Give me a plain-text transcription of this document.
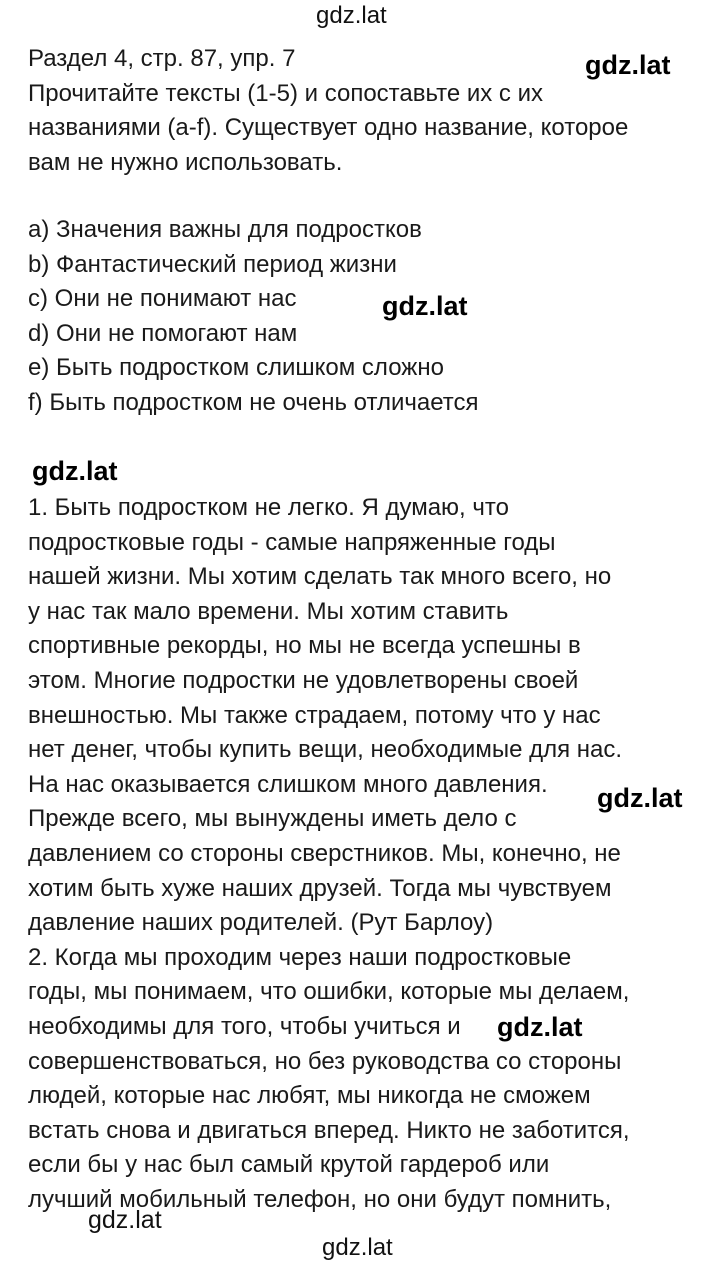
gdz.lat
gdz.lat
gdz.lat
gdz.lat
gdz.lat
gdz.lat
gdz.lat
gdz.lat
Раздел 4, стр. 87, упр. 7
Прочитайте тексты (1-5) и сопоставьте их с их
названиями (a-f). Существует одно название, которое
вам не нужно использовать.
a) Значения важны для подростков
b) Фантастический период жизни
c) Они не понимают нас
d) Они не помогают нам
e) Быть подростком слишком сложно
f) Быть подростком не очень отличается
1. Быть подростком не легко. Я думаю, что
подростковые годы - самые напряженные годы
нашей жизни. Мы хотим сделать так много всего, но
у нас так мало времени. Мы хотим ставить
спортивные рекорды, но мы не всегда успешны в
этом. Многие подростки не удовлетворены своей
внешностью. Мы также страдаем, потому что у нас
нет денег, чтобы купить вещи, необходимые для нас.
На нас оказывается слишком много давления.
Прежде всего, мы вынуждены иметь дело с
давлением со стороны сверстников. Мы, конечно, не
хотим быть хуже наших друзей. Тогда мы чувствуем
давление наших родителей. (Рут Барлоу)
2. Когда мы проходим через наши подростковые
годы, мы понимаем, что ошибки, которые мы делаем,
необходимы для того, чтобы учиться и
совершенствоваться, но без руководства со стороны
людей, которые нас любят, мы никогда не сможем
встать снова и двигаться вперед. Никто не заботится,
если бы у нас был самый крутой гардероб или
лучший мобильный телефон, но они будут помнить,
